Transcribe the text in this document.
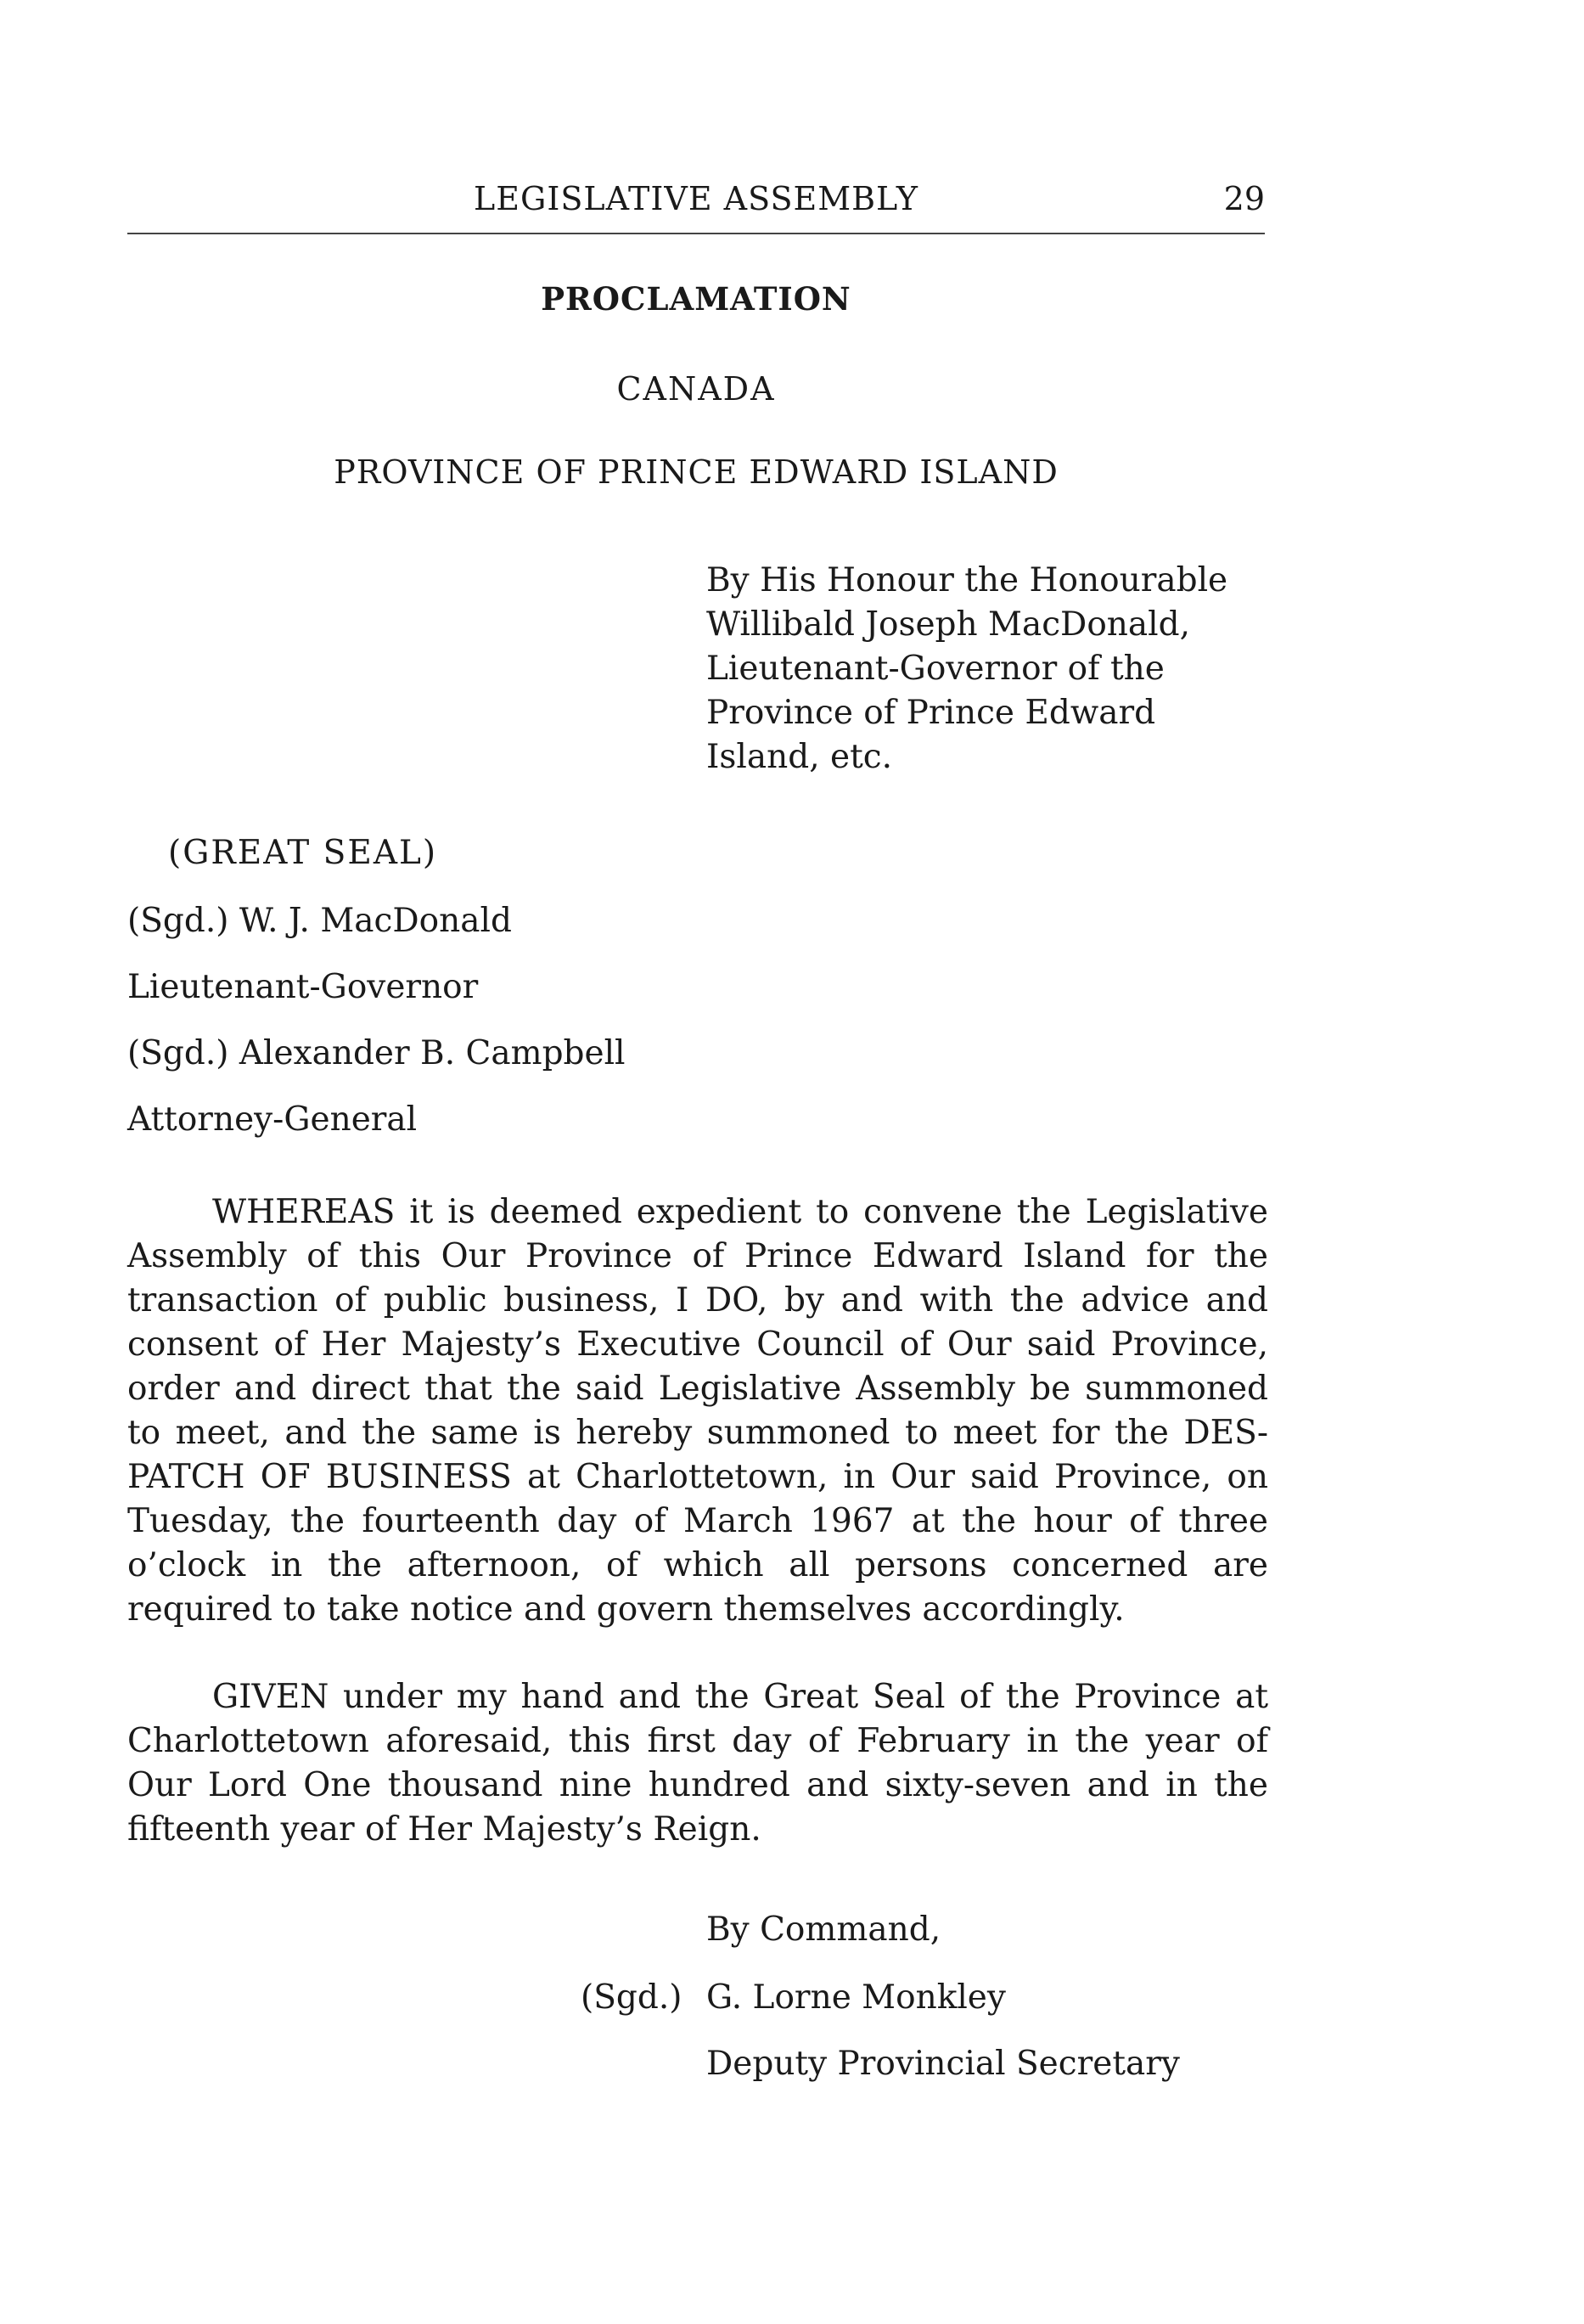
LEGISLATIVE ASSEMBLY	29
PROCLAMATION
CANADA
PROVINCE OF PRINCE EDWARD ISLAND

By His Honour the Honourable

Willibald Joseph MacDonald,

Lieutenant-Governor of the

Province of Prince Edward

Island, etc.

(GREAT SEAL)
(Sgd.) W. J. MacDonald
Lieutenant-Governor
(Sgd.) Alexander B. Campbell
Attorney-General

WHEREAS it is deemed expedient to convene the Legislative Assembly of this Our Province of Prince Edward Island for the transaction of public business, I DO, by and with the advice and consent of Her Majesty’s Executive Council of Our said Province, order and direct that the said Legislative Assembly be summoned to meet, and the same is hereby summoned to meet for the DESPATCH OF BUSINESS at Charlottetown, in Our said Province, on Tuesday, the fourteenth day of March 1967 at the hour of three o’clock in the afternoon, of which all persons concerned are required to take notice and govern themselves accordingly.

GIVEN under my hand and the Great Seal of the Province at Charlottetown aforesaid, this first day of February in the year of Our Lord One thousand nine hundred and sixty-seven and in the fifteenth year of Her Majesty’s Reign.

By Command,
(Sgd.) G. Lorne Monkley
Deputy Provincial Secretary
